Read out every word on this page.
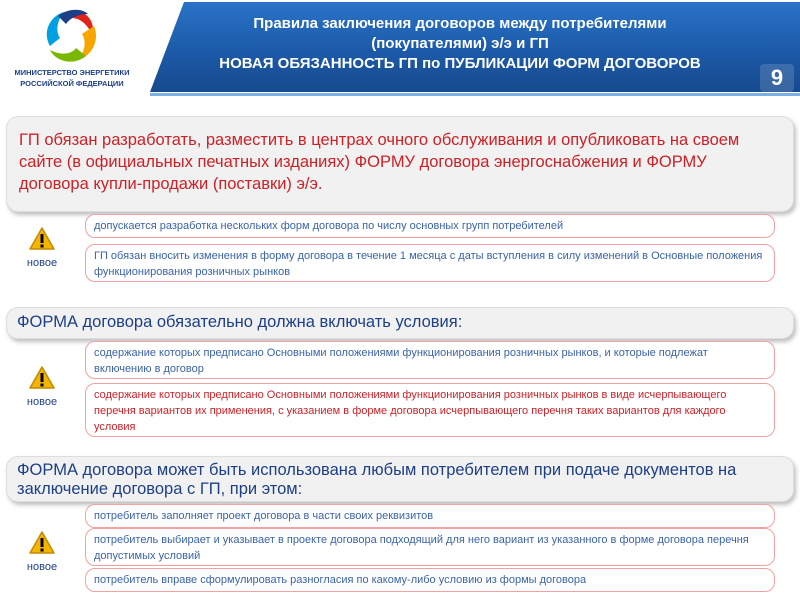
МИНИСТЕРСТВО ЭНЕРГЕТИКИ
РОССИЙСКОЙ ФЕДЕРАЦИИ
Правила заключения договоров между потребителями
(покупателями) э/э и ГП
НОВАЯ ОБЯЗАННОСТЬ ГП по ПУБЛИКАЦИИ ФОРМ ДОГОВОРОВ
9
ГП обязан разработать, разместить в центрах очного обслуживания и опубликовать на своем сайте (в официальных печатных изданиях) ФОРМУ договора энергоснабжения и ФОРМУ договора купли-продажи (поставки) э/э.
допускается разработка нескольких форм договора по числу основных групп потребителей
ГП обязан вносить изменения в форму договора в течение 1 месяца с даты вступления в силу изменений в Основные положения функционирования розничных рынков
новое
ФОРМА договора обязательно должна включать условия:
содержание которых предписано Основными положениями функционирования розничных рынков, и которые подлежат включению в договор
содержание которых предписано Основными положениями функционирования розничных рынков в виде исчерпывающего перечня вариантов их применения, с указанием в форме договора исчерпывающего перечня таких вариантов для каждого условия
новое
ФОРМА договора может быть использована любым потребителем при подаче документов на заключение договора с ГП, при этом:
потребитель заполняет проект договора в части своих реквизитов
потребитель выбирает и указывает в проекте договора подходящий для него вариант из указанного в форме договора перечня допустимых условий
потребитель вправе сформулировать разногласия по какому-либо условию из формы договора
новое
